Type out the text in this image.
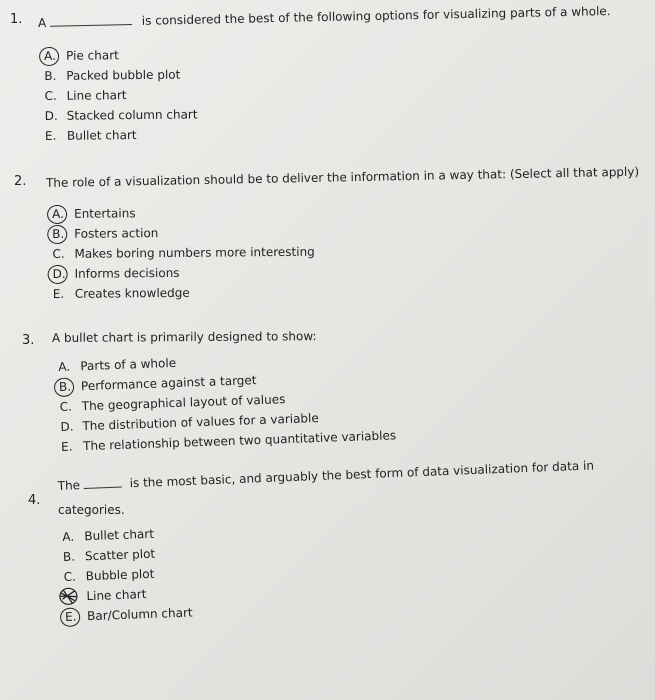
1. A	is considered the best of the following options for visualizing parts of a whole.
A. Pie chart
B. Packed bubble plot
C. Line chart
D. Stacked column chart
E. Bullet chart
2. The role of a visualization should be to deliver the information in a way that: (Select all that apply)
A. Entertains
B. Fosters action
C. Makes boring numbers more interesting
D. Informs decisions
E. Creates knowledge
3. A bullet chart is primarily designed to show:
A. Parts of a whole
B. Performance against a target
C. The geographical layout of values
D. The distribution of values for a variable
E. The relationship between two quantitative variables
4.
The	is the most basic, and arguably the best form of data visualization for data in
categories.
A. Bullet chart
B. Scatter plot
C. Bubble plot
Line chart
E. Bar/Column chart
